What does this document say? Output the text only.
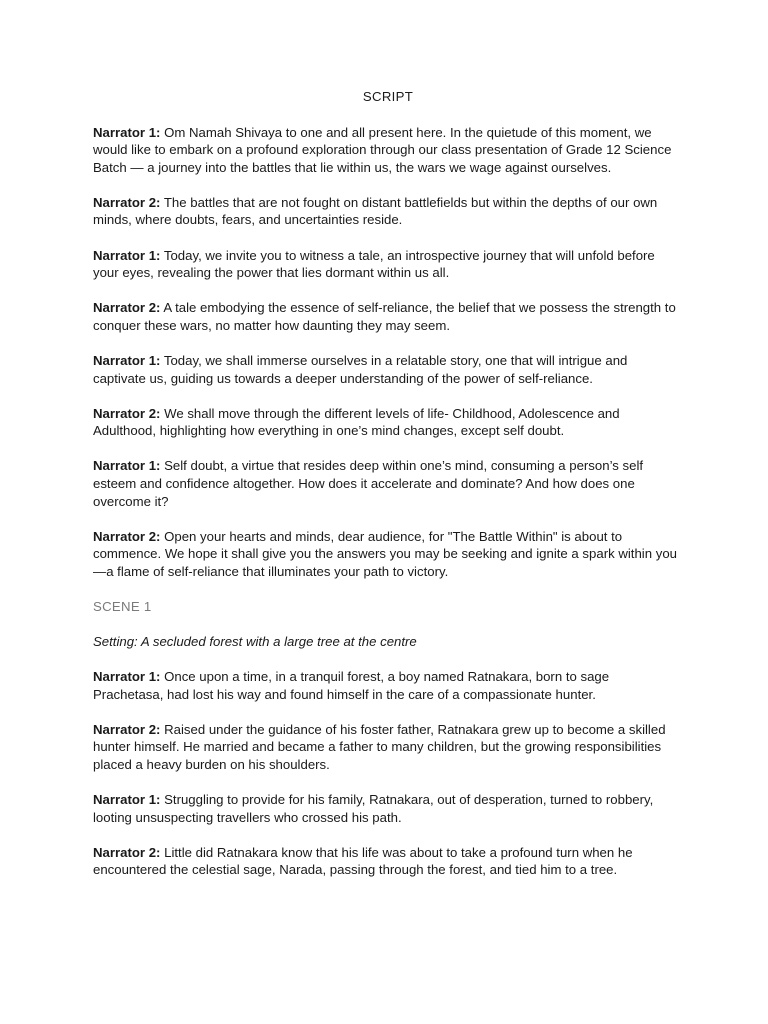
SCRIPT

Narrator 1: Om Namah Shivaya to one and all present here. In the quietude of this moment, we would like to embark on a profound exploration through our class presentation of Grade 12 Science Batch — a journey into the battles that lie within us, the wars we wage against ourselves.

Narrator 2: The battles that are not fought on distant battlefields but within the depths of our own minds, where doubts, fears, and uncertainties reside.

Narrator 1: Today, we invite you to witness a tale, an introspective journey that will unfold before your eyes, revealing the power that lies dormant within us all.

Narrator 2: A tale embodying the essence of self-reliance, the belief that we possess the strength to conquer these wars, no matter how daunting they may seem.

Narrator 1: Today, we shall immerse ourselves in a relatable story, one that will intrigue and captivate us, guiding us towards a deeper understanding of the power of self-reliance.

Narrator 2: We shall move through the different levels of life- Childhood, Adolescence and Adulthood, highlighting how everything in one’s mind changes, except self doubt.

Narrator 1: Self doubt, a virtue that resides deep within one’s mind, consuming a person’s self esteem and confidence altogether. How does it accelerate and dominate? And how does one overcome it?

Narrator 2: Open your hearts and minds, dear audience, for "The Battle Within" is about to commence. We hope it shall give you the answers you may be seeking and ignite a spark within you—a flame of self-reliance that illuminates your path to victory.

SCENE 1
Setting: A secluded forest with a large tree at the centre

Narrator 1: Once upon a time, in a tranquil forest, a boy named Ratnakara, born to sage Prachetasa, had lost his way and found himself in the care of a compassionate hunter.

Narrator 2: Raised under the guidance of his foster father, Ratnakara grew up to become a skilled hunter himself. He married and became a father to many children, but the growing responsibilities placed a heavy burden on his shoulders.

Narrator 1: Struggling to provide for his family, Ratnakara, out of desperation, turned to robbery, looting unsuspecting travellers who crossed his path.

Narrator 2: Little did Ratnakara know that his life was about to take a profound turn when he encountered the celestial sage, Narada, passing through the forest, and tied him to a tree.
